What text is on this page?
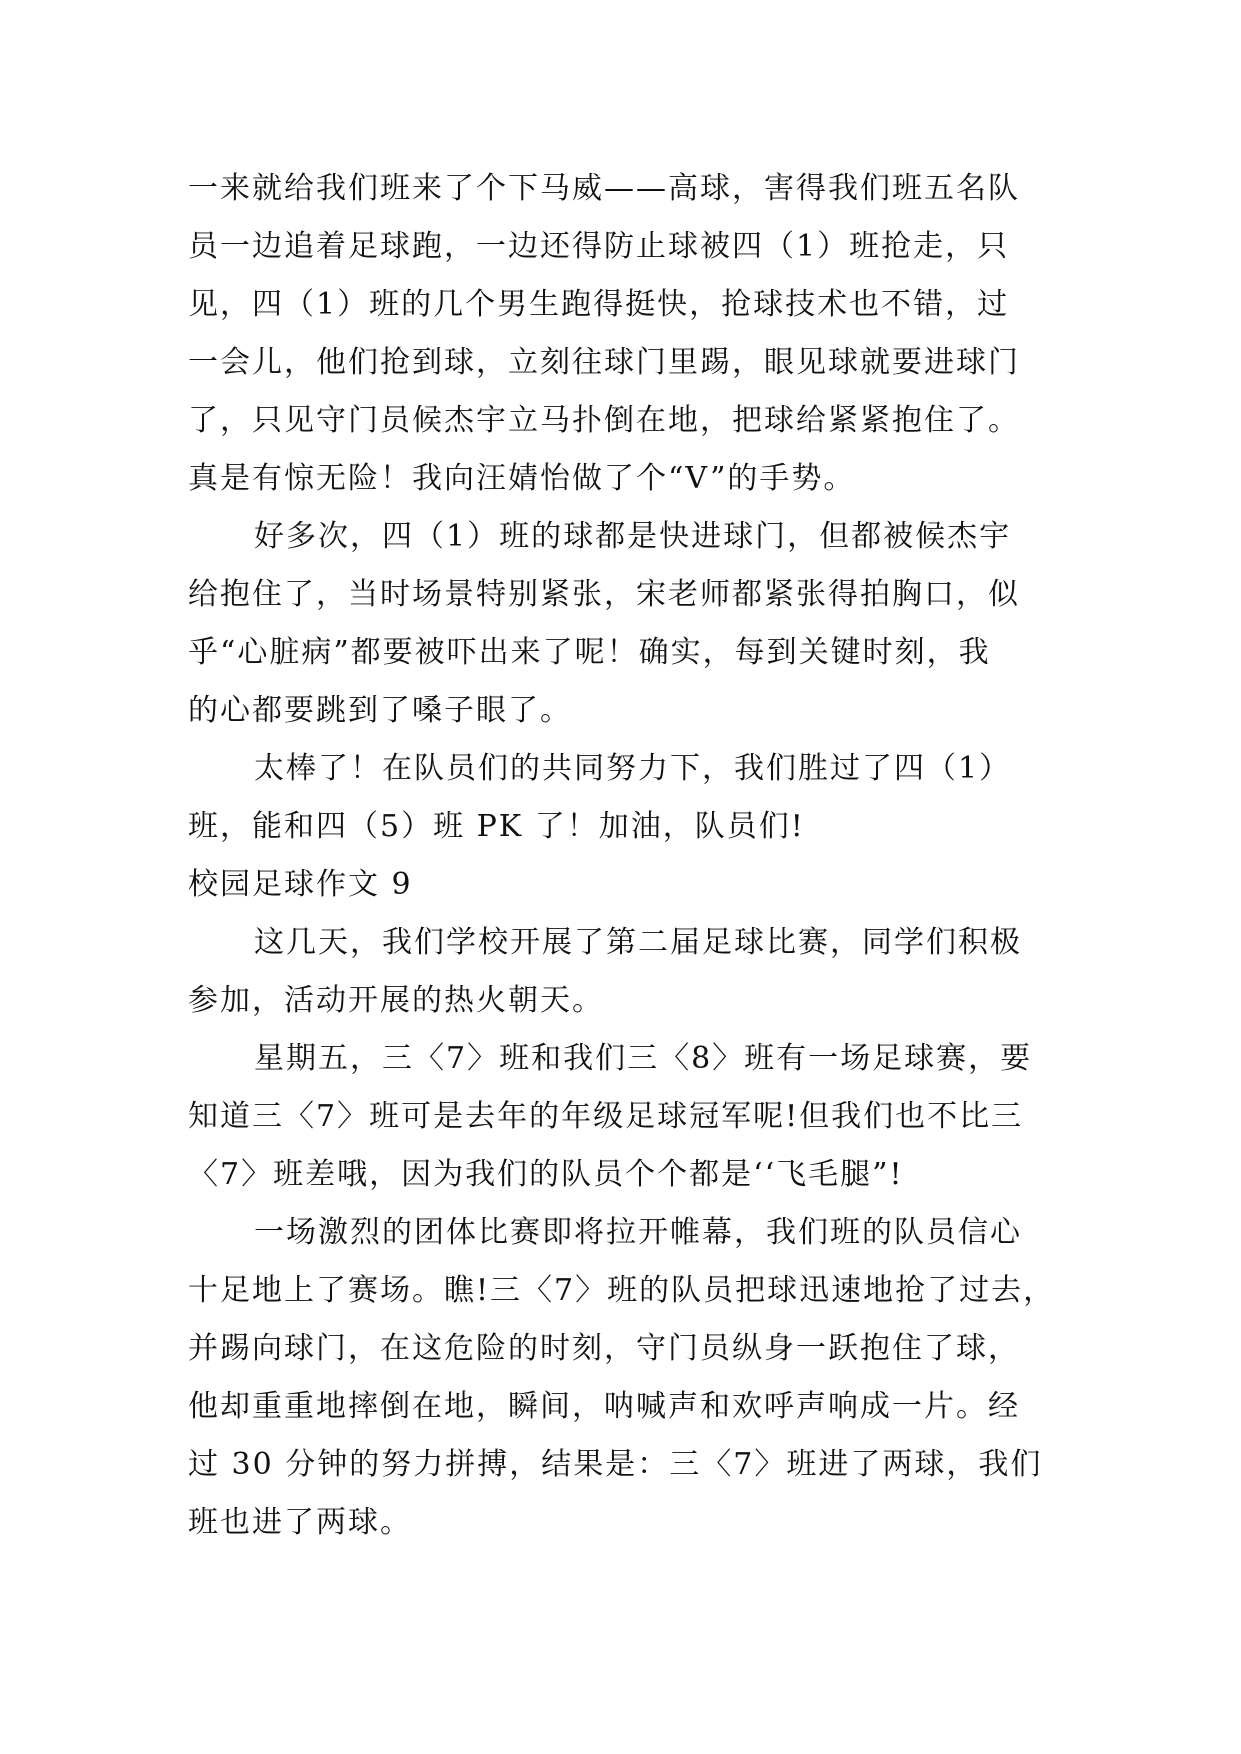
一来就给我们班来了个下马威——高球，害得我们班五名队
员一边追着足球跑，一边还得防止球被四（1）班抢走，只
见，四（1）班的几个男生跑得挺快，抢球技术也不错，过
一会儿，他们抢到球，立刻往球门里踢，眼见球就要进球门
了，只见守门员候杰宇立马扑倒在地，把球给紧紧抱住了。
真是有惊无险！我向汪婧怡做了个“V”的手势。
好多次，四（1）班的球都是快进球门，但都被候杰宇
给抱住了，当时场景特别紧张，宋老师都紧张得拍胸口，似
乎“心脏病”都要被吓出来了呢！确实，每到关键时刻，我
的心都要跳到了嗓子眼了。
太棒了！在队员们的共同努力下，我们胜过了四（1）
班，能和四（5）班 PK 了！加油，队员们!
校园足球作文 9
这几天，我们学校开展了第二届足球比赛，同学们积极
参加，活动开展的热火朝天。
星期五，三〈7〉班和我们三〈8〉班有一场足球赛，要
知道三〈7〉班可是去年的年级足球冠军呢!但我们也不比三
〈7〉班差哦，因为我们的队员个个都是‘‘飞毛腿”!
一场激烈的团体比赛即将拉开帷幕，我们班的队员信心
十足地上了赛场。瞧!三〈7〉班的队员把球迅速地抢了过去，
并踢向球门，在这危险的时刻，守门员纵身一跃抱住了球，
他却重重地摔倒在地，瞬间，呐喊声和欢呼声响成一片。经
过 30 分钟的努力拼搏，结果是：三〈7〉班进了两球，我们
班也进了两球。
